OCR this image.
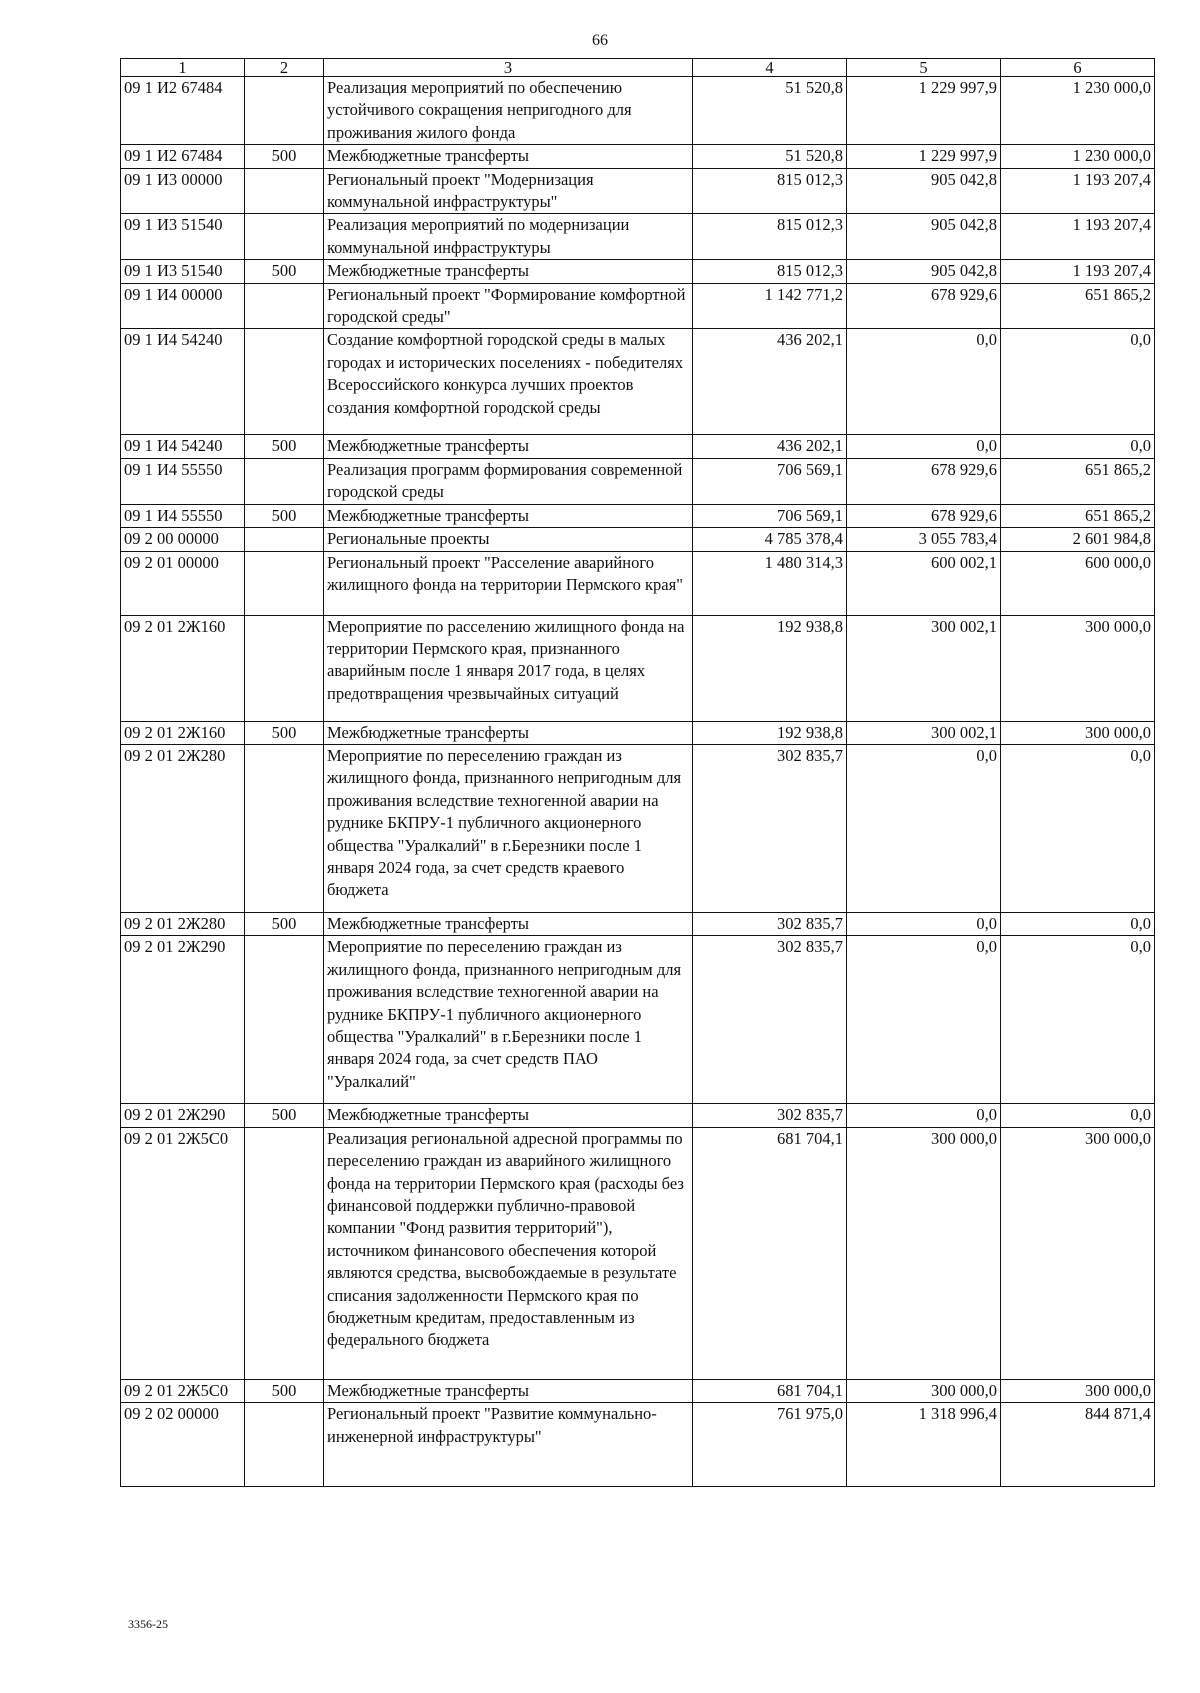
66
1	2	3	4	5	6
09 1 И2 67484		Реализация мероприятий по обеспечению устойчивого сокращения непригодного для проживания жилого фонда	51 520,8	1 229 997,9	1 230 000,0
09 1 И2 67484	500	Межбюджетные трансферты	51 520,8	1 229 997,9	1 230 000,0
09 1 И3 00000		Региональный проект "Модернизация коммунальной инфраструктуры"	815 012,3	905 042,8	1 193 207,4
09 1 И3 51540		Реализация мероприятий по модернизации коммунальной инфраструктуры	815 012,3	905 042,8	1 193 207,4
09 1 И3 51540	500	Межбюджетные трансферты	815 012,3	905 042,8	1 193 207,4
09 1 И4 00000		Региональный проект "Формирование комфортной городской среды"	1 142 771,2	678 929,6	651 865,2
09 1 И4 54240		Создание комфортной городской среды в малых городах и исторических поселениях - победителях Всероссийского конкурса лучших проектов создания комфортной городской среды	436 202,1	0,0	0,0
09 1 И4 54240	500	Межбюджетные трансферты	436 202,1	0,0	0,0
09 1 И4 55550		Реализация программ формирования современной городской среды	706 569,1	678 929,6	651 865,2
09 1 И4 55550	500	Межбюджетные трансферты	706 569,1	678 929,6	651 865,2
09 2 00 00000		Региональные проекты	4 785 378,4	3 055 783,4	2 601 984,8
09 2 01 00000		Региональный проект "Расселение аварийного жилищного фонда на территории Пермского края"	1 480 314,3	600 002,1	600 000,0
09 2 01 2Ж160		Мероприятие по расселению жилищного фонда на территории Пермского края, признанного аварийным после 1 января 2017 года, в целях предотвращения чрезвычайных ситуаций	192 938,8	300 002,1	300 000,0
09 2 01 2Ж160	500	Межбюджетные трансферты	192 938,8	300 002,1	300 000,0
09 2 01 2Ж280		Мероприятие по переселению граждан из жилищного фонда, признанного непригодным для проживания вследствие техногенной аварии на руднике БКПРУ-1 публичного акционерного общества "Уралкалий" в г.Березники после 1 января 2024 года, за счет средств краевого бюджета	302 835,7	0,0	0,0
09 2 01 2Ж280	500	Межбюджетные трансферты	302 835,7	0,0	0,0
09 2 01 2Ж290		Мероприятие по переселению граждан из жилищного фонда, признанного непригодным для проживания вследствие техногенной аварии на руднике БКПРУ-1 публичного акционерного общества "Уралкалий" в г.Березники после 1 января 2024 года, за счет средств ПАО "Уралкалий"	302 835,7	0,0	0,0
09 2 01 2Ж290	500	Межбюджетные трансферты	302 835,7	0,0	0,0
09 2 01 2Ж5С0		Реализация региональной адресной программы по переселению граждан из аварийного жилищного фонда на территории Пермского края (расходы без финансовой поддержки публично-правовой компании "Фонд развития территорий"), источником финансового обеспечения которой являются средства, высвобождаемые в результате списания задолженности Пермского края по бюджетным кредитам, предоставленным из федерального бюджета	681 704,1	300 000,0	300 000,0
09 2 01 2Ж5С0	500	Межбюджетные трансферты	681 704,1	300 000,0	300 000,0
09 2 02 00000		Региональный проект "Развитие коммунально-инженерной инфраструктуры"	761 975,0	1 318 996,4	844 871,4
3356-25
